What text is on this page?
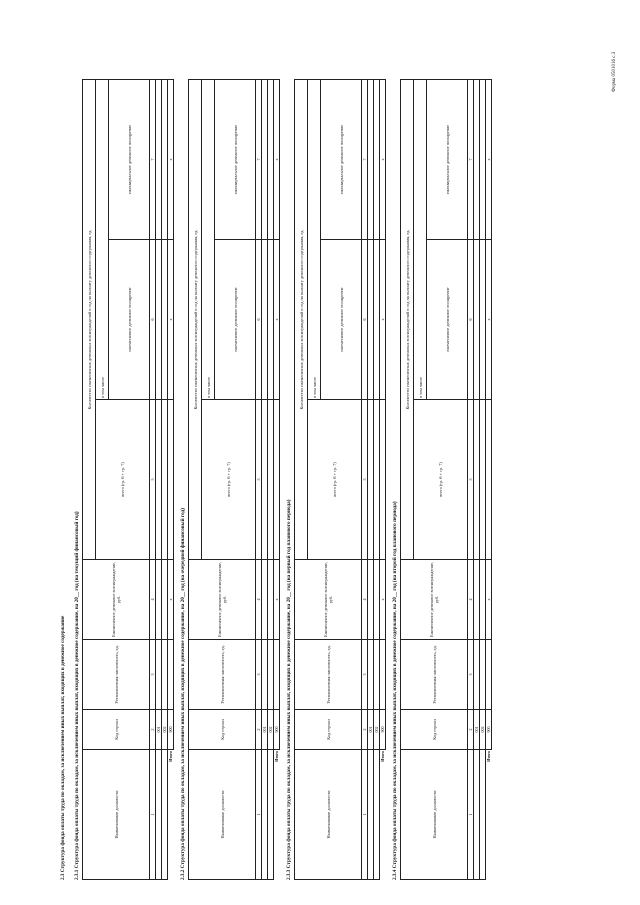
Форма 0501016 с.3
2.3 Структура фонда оплаты труда по окладам, за исключением иных выплат, входящих в денежное содержание 2.3.1 Структура фонда оплаты труда по окладам, за исключением иных выплат, входящих в денежное содержание, на 20__ год (на текущий финансовый год)	Наименование должности	Код строки	Установленная численность, ед.	Ежемесячное денежное вознаграждение, руб.	Количество ежемесячных денежных вознаграждений в год на выплату денежного содержания, ед.		
				всего (гр. 6 + гр. 7)	в том числе	
					ежемесячное денежное поощрение	ежеквартальное денежное поощрение
1	2	3	4	5	6	7
	001					
	002					
Итого	900		х		х	х
2.3.2 Структура фонда оплаты труда по окладам, за исключением иных выплат, входящих в денежное содержание, на 20__ год (на очередной финансовый год)	Наименование должности	Код строки	Установленная численность, ед.	Ежемесячное денежное вознаграждение, руб.	Количество ежемесячных денежных вознаграждений в год на выплату денежного содержания, ед.		
				всего (гр. 6 + гр. 7)	в том числе	
					ежемесячное денежное поощрение	ежеквартальное денежное поощрение
1	2	3	4	5	6	7
	001					
	002					
Итого	900		х		х	х
2.3.3 Структура фонда оплаты труда по окладам, за исключением иных выплат, входящих в денежное содержание, на 20__ год (на первый год планового периода)	Наименование должности	Код строки	Установленная численность, ед.	Ежемесячное денежное вознаграждение, руб.	Количество ежемесячных денежных вознаграждений в год на выплату денежного содержания, ед.		
				всего (гр. 6 + гр. 7)	в том числе	
					ежемесячное денежное поощрение	ежеквартальное денежное поощрение
1	2	3	4	5	6	7
	001					
	002					
Итого	900		х		х	х
2.3.4 Структура фонда оплаты труда по окладам, за исключением иных выплат, входящих в денежное содержание, на 20__ год (на второй год планового периода)	Наименование должности	Код строки	Установленная численность, ед.	Ежемесячное денежное вознаграждение, руб.	Количество ежемесячных денежных вознаграждений в год на выплату денежного содержания, ед.		
				всего (гр. 6 + гр. 7)	в том числе	
					ежемесячное денежное поощрение	ежеквартальное денежное поощрение
1	2	3	4	5	6	7
	001					
	002					
Итого	900		х		х	х
